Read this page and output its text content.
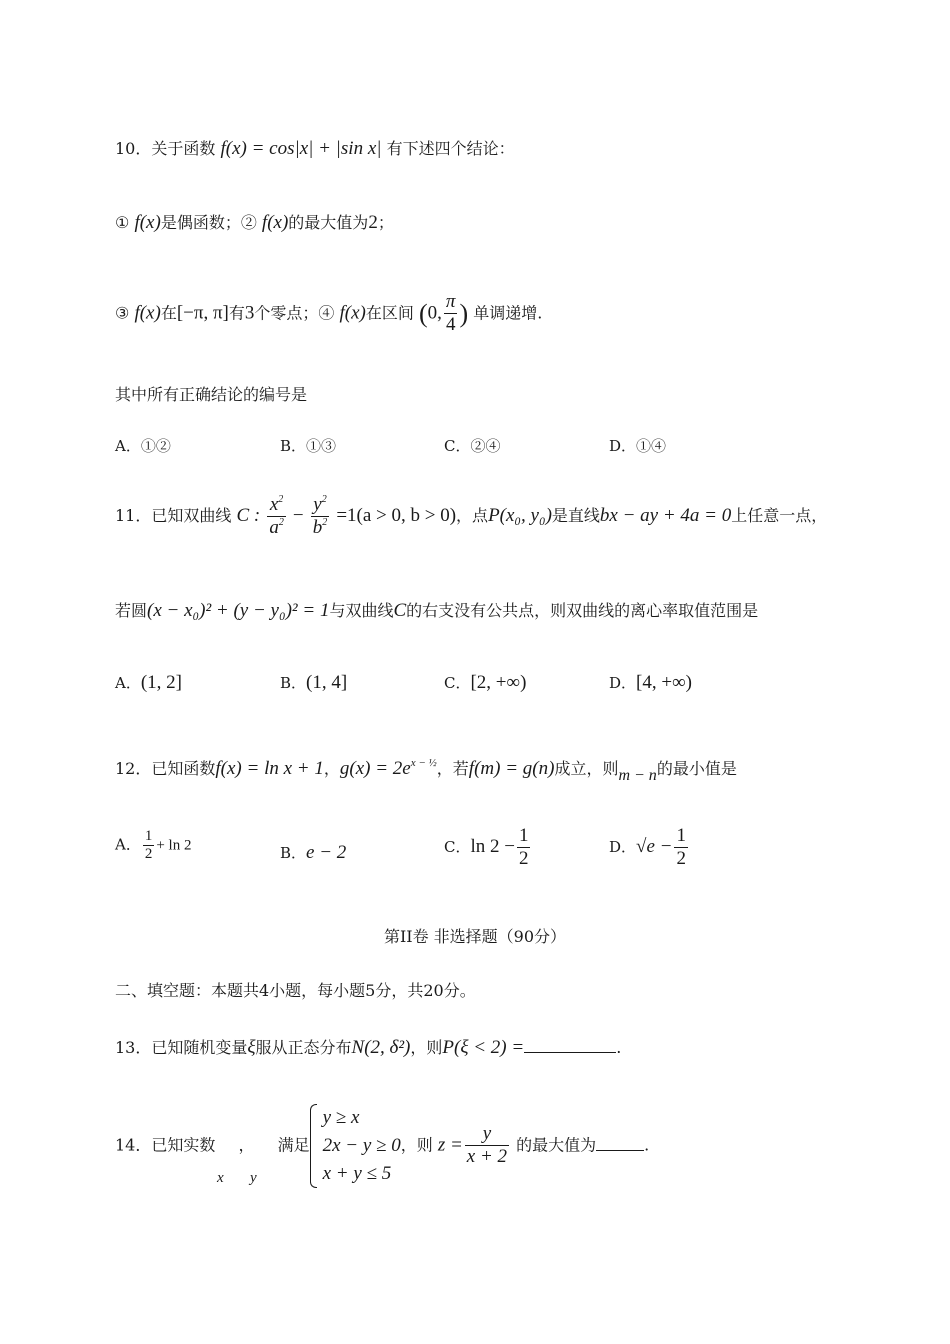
10．关于函数 f(x) = cos|x| + |sin x| 有下述四个结论：
① f(x)是偶函数；② f(x)的最大值为2；
③ f(x)在[−π, π]有3个零点；④ f(x)在区间 (0, $\frac{\pi}{4}$ ) 单调递增.
其中所有正确结论的编号是
A．①②	B．①③	C．②④	D．①④
11．已知双曲线 C : $\frac{x^2}{a^2} - \frac{y^2}{b^2} =1(a > 0$, b > 0)，点P(x₀, y₀)是直线bx − ay + 4a = 0上任意一点，
若圆(x − x₀)² + (y − y₀)² = 1与双曲线C的右支没有公共点，则双曲线的离心率取值范围是
A．(1, 2]	B．(1, 4]	C．[2, +∞)	D．[4, +∞)
12．已知函数f(x) = ln x + 1，$g(x) = 2e^{x - \frac{1}{2}}$，若f(m) = g(n)成立，则m − n的最小值是
A． $\frac{1}{2} + \ln 2$	B．e − 2	C．$\ln 2 - \frac{1}{2}$	D．$√e - \frac{1}{2}$
第II卷 非选择题（90分）
二、填空题：本题共4小题，每小题5分，共20分。
13．已知随机变量ξ服从正态分布N(2, δ²)，则P(ξ < 2) =	.
14．已知实数 ， 满足
y ≥ x
2x − y ≥ 0
x + y ≤ 5
，则 $z = \frac{y}{x + 2}$ 的最大值为	.
x y
